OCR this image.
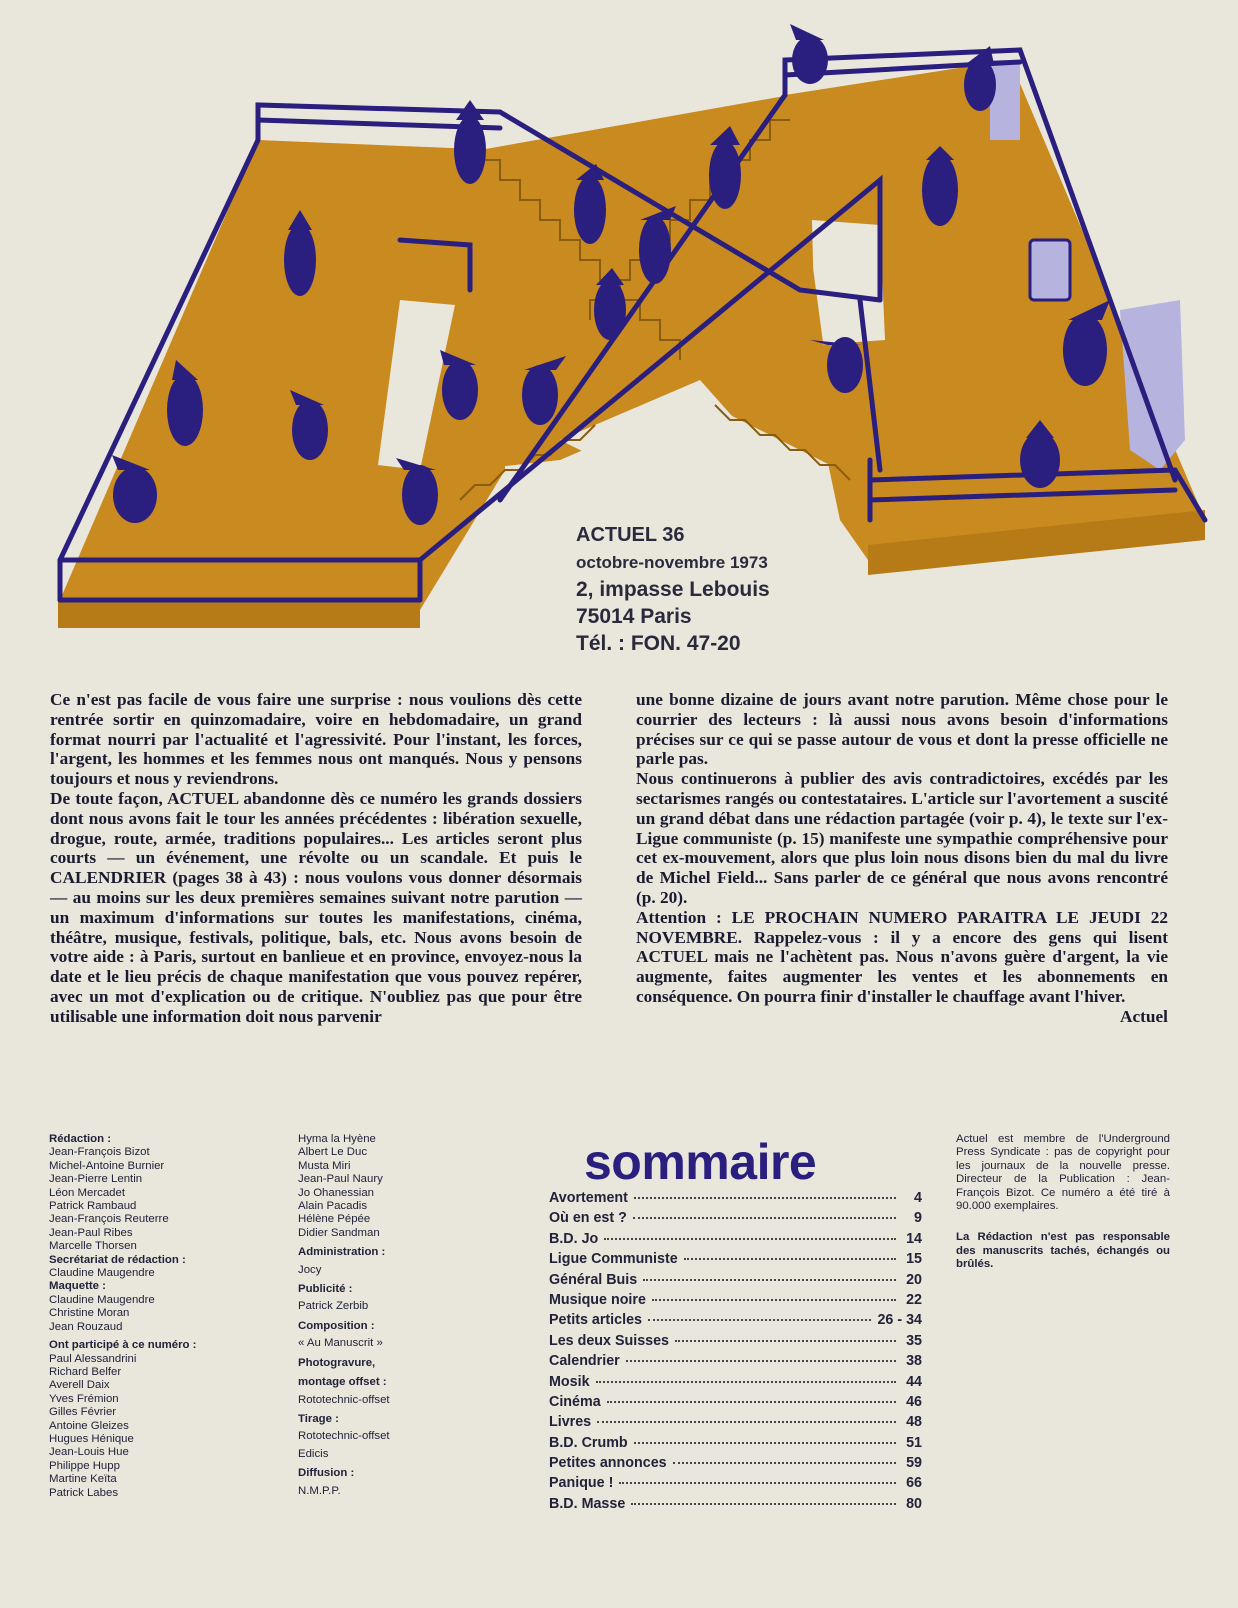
ACTUEL 36
octobre-novembre 1973
2, impasse Lebouis
75014 Paris
Tél. : FON. 47-20

Ce n'est pas facile de vous faire une surprise : nous voulions dès cette rentrée sortir en quinzomadaire, voire en hebdomadaire, un grand format nourri par l'actualité et l'agressivité. Pour l'instant, les forces, l'argent, les hommes et les femmes nous ont manqués. Nous y pensons toujours et nous y reviendrons.

De toute façon, ACTUEL abandonne dès ce numéro les grands dossiers dont nous avons fait le tour les années précédentes : libération sexuelle, drogue, route, armée, traditions populaires... Les articles seront plus courts — un événement, une révolte ou un scandale. Et puis le CALENDRIER (pages 38 à 43) : nous voulons vous donner désormais — au moins sur les deux premières semaines suivant notre parution — un maximum d'informations sur toutes les manifestations, cinéma, théâtre, musique, festivals, politique, bals, etc. Nous avons besoin de votre aide : à Paris, surtout en banlieue et en province, envoyez-nous la date et le lieu précis de chaque manifestation que vous pouvez repérer, avec un mot d'explication ou de critique. N'oubliez pas que pour être utilisable une information doit nous parvenir

une bonne dizaine de jours avant notre parution. Même chose pour le courrier des lecteurs : là aussi nous avons besoin d'informations précises sur ce qui se passe autour de vous et dont la presse officielle ne parle pas.

Nous continuerons à publier des avis contradictoires, excédés par les sectarismes rangés ou contestataires. L'article sur l'avortement a suscité un grand débat dans une rédaction partagée (voir p. 4), le texte sur l'ex-Ligue communiste (p. 15) manifeste une sympathie compréhensive pour cet ex-mouvement, alors que plus loin nous disons bien du mal du livre de Michel Field... Sans parler de ce général que nous avons rencontré (p. 20).

Attention : LE PROCHAIN NUMERO PARAITRA LE JEUDI 22 NOVEMBRE. Rappelez-vous : il y a encore des gens qui lisent ACTUEL mais ne l'achètent pas. Nous n'avons guère d'argent, la vie augmente, faites augmenter les ventes et les abonnements en conséquence. On pourra finir d'installer le chauffage avant l'hiver.

Actuel

Rédaction :
Jean-François Bizot
Michel-Antoine Burnier
Jean-Pierre Lentin
Léon Mercadet
Patrick Rambaud
Jean-François Reuterre
Jean-Paul Ribes
Marcelle Thorsen
Secrétariat de rédaction :
Claudine Maugendre
Maquette :
Claudine Maugendre
Christine Moran
Jean Rouzaud
Ont participé à ce numéro :
Paul Alessandrini
Richard Belfer
Averell Daix
Yves Frémion
Gilles Février
Antoine Gleizes
Hugues Hénique
Jean-Louis Hue
Philippe Hupp
Martine Keïta
Patrick Labes
Hyma la Hyène
Albert Le Duc
Musta Miri
Jean-Paul Naury
Jo Ohanessian
Alain Pacadis
Hélène Pépée
Didier Sandman
Administration :
Jocy
Publicité :
Patrick Zerbib
Composition :
« Au Manuscrit »
Photogravure,
montage offset :
Rototechnic-offset
Tirage :
Rototechnic-offset
Edicis
Diffusion :
N.M.P.P.
sommaire
Avortement	4
Où en est ?	9
B.D. Jo	14
Ligue Communiste	15
Général Buis	20
Musique noire	22
Petits articles	26 - 34
Les deux Suisses	35
Calendrier	38
Mosik	44
Cinéma	46
Livres	48
B.D. Crumb	51
Petites annonces	59
Panique !	66
B.D. Masse	80
Actuel est membre de l'Underground Press Syndicate : pas de copyright pour les journaux de la nouvelle presse. Directeur de la Publication : Jean-François Bizot. Ce numéro a été tiré à 90.000 exemplaires.
La Rédaction n'est pas responsable des manuscrits tachés, échangés ou brûlés.
